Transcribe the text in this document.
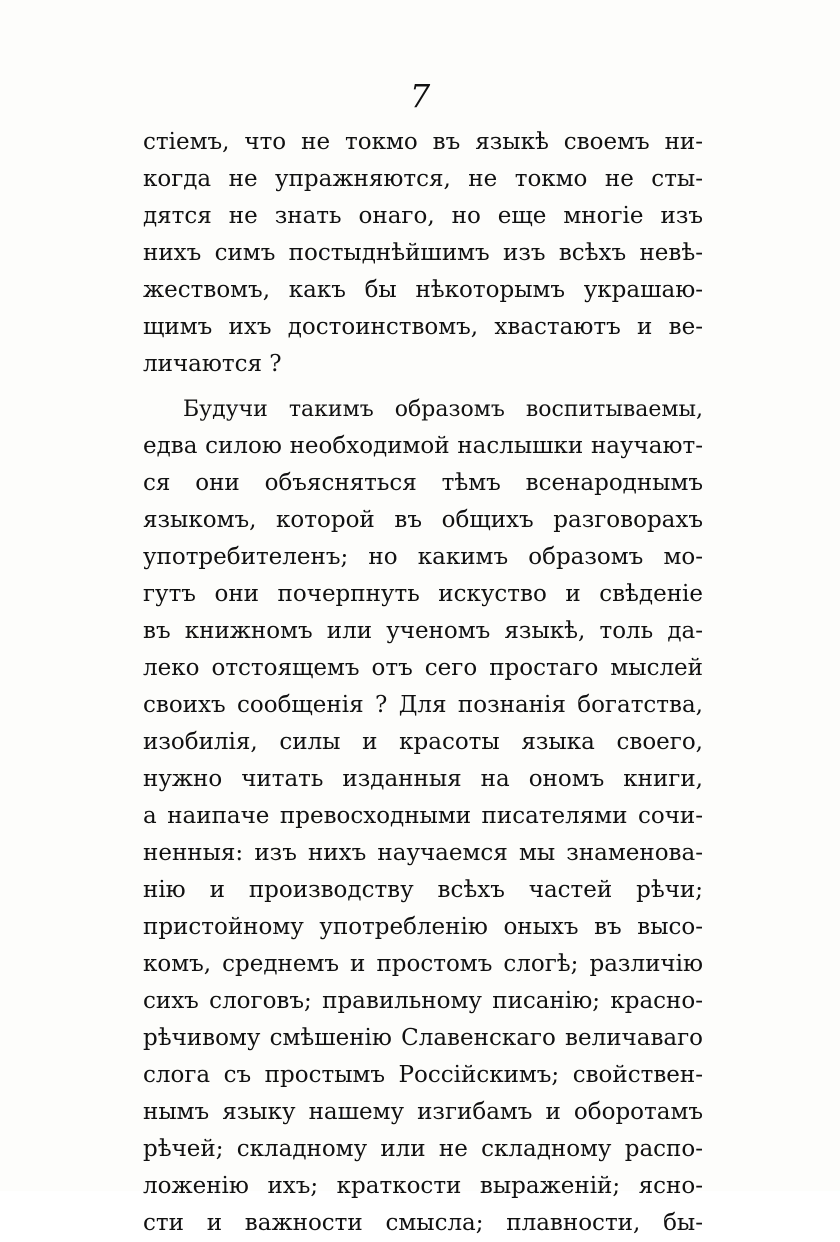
7
стіемъ, что не токмо въ языкѣ своемъ ни-
когда не упражняются, не токмо не сты-
дятся не знать онаго, но еще многіе изъ
нихъ симъ постыднѣйшимъ изъ всѣхъ невѣ-
жествомъ, какъ бы нѣкоторымъ украшаю-
щимъ ихъ достоинствомъ, хвастаютъ и ве-
личаются ?
Будучи такимъ образомъ воспитываемы,
едва силою необходимой наслышки научают-
ся они объясняться тѣмъ всенароднымъ
языкомъ, которой въ общихъ разговорахъ
употребителенъ; но какимъ образомъ мо-
гутъ они почерпнуть искуство и свѣденіе
въ книжномъ или ученомъ языкѣ, толь да-
леко отстоящемъ отъ сего простаго мыслей
своихъ сообщенія ? Для познанія богатства,
изобилія, силы и красоты языка своего,
нужно читать изданныя на ономъ книги,
а наипаче превосходными писателями сочи-
ненныя: изъ нихъ научаемся мы знаменова-
нію и производству всѣхъ частей рѣчи;
пристойному употребленію оныхъ въ высо-
комъ, среднемъ и простомъ слогѣ; различію
сихъ слоговъ; правильному писанію; красно-
рѣчивому смѣшенію Славенскаго величаваго
слога съ простымъ Россійскимъ; свойствен-
нымъ языку нашему изгибамъ и оборотамъ
рѣчей; складному или не складному распо-
ложенію ихъ; краткости выраженій; ясно-
сти и важности смысла; плавности, бы-
